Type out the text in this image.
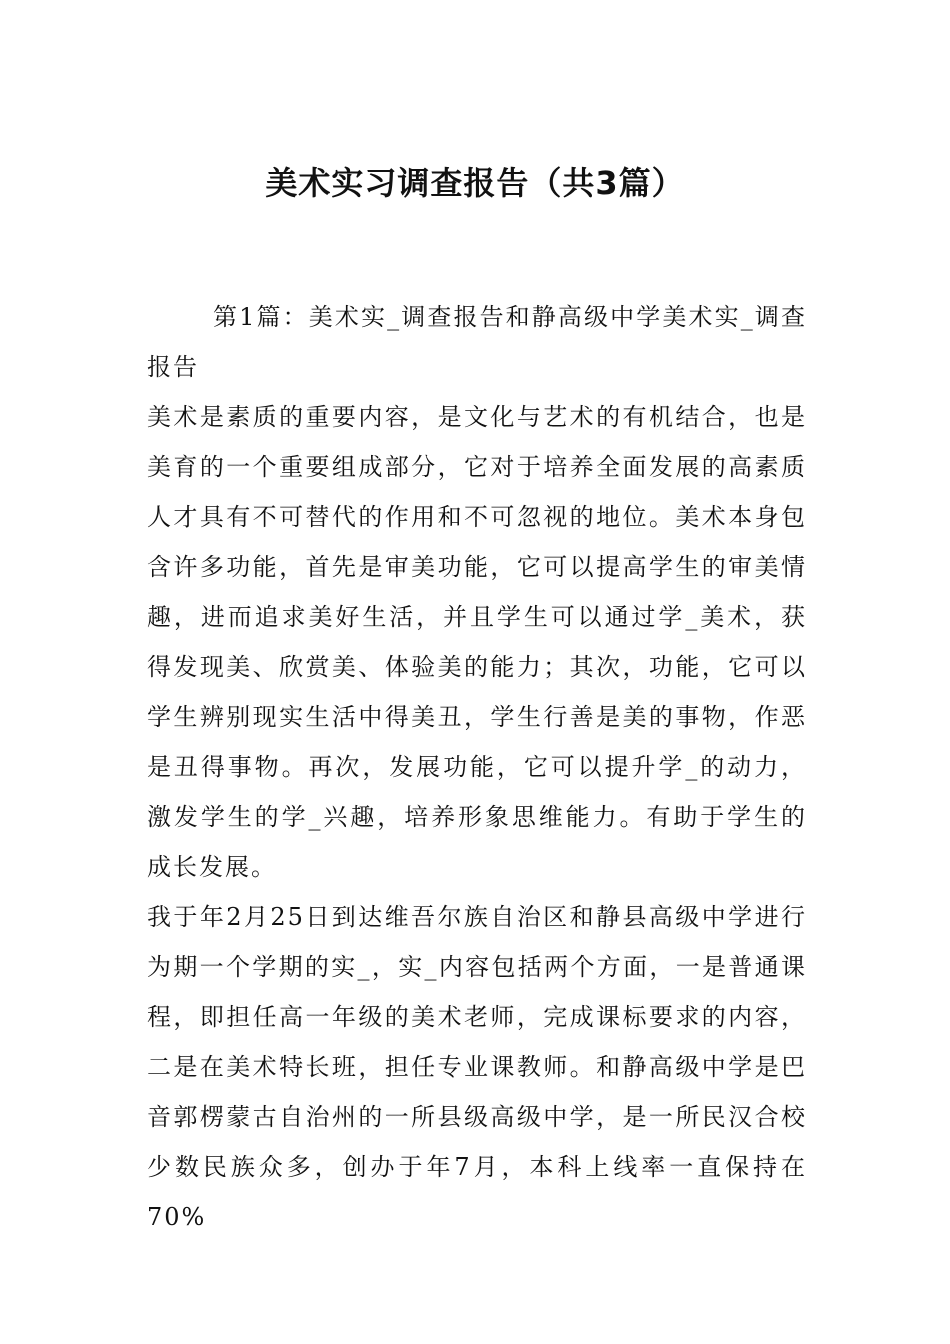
美术实习调查报告（共3篇）

第1篇：美术实_调查报告和静高级中学美术实_调查报告

美术是素质的重要内容，是文化与艺术的有机结合，也是美育的一个重要组成部分，它对于培养全面发展的高素质人才具有不可替代的作用和不可忽视的地位。美术本身包含许多功能，首先是审美功能，它可以提高学生的审美情趣，进而追求美好生活，并且学生可以通过学_美术，获得发现美、欣赏美、体验美的能力；其次，功能，它可以学生辨别现实生活中得美丑，学生行善是美的事物，作恶是丑得事物。再次，发展功能，它可以提升学_的动力，激发学生的学_兴趣，培养形象思维能力。有助于学生的成长发展。

我于年2月25日到达维吾尔族自治区和静县高级中学进行为期一个学期的实_，实_内容包括两个方面，一是普通课程，即担任高一年级的美术老师，完成课标要求的内容，二是在美术特长班，担任专业课教师。和静高级中学是巴音郭楞蒙古自治州的一所县级高级中学，是一所民汉合校少数民族众多，创办于年7月，本科上线率一直保持在70%
